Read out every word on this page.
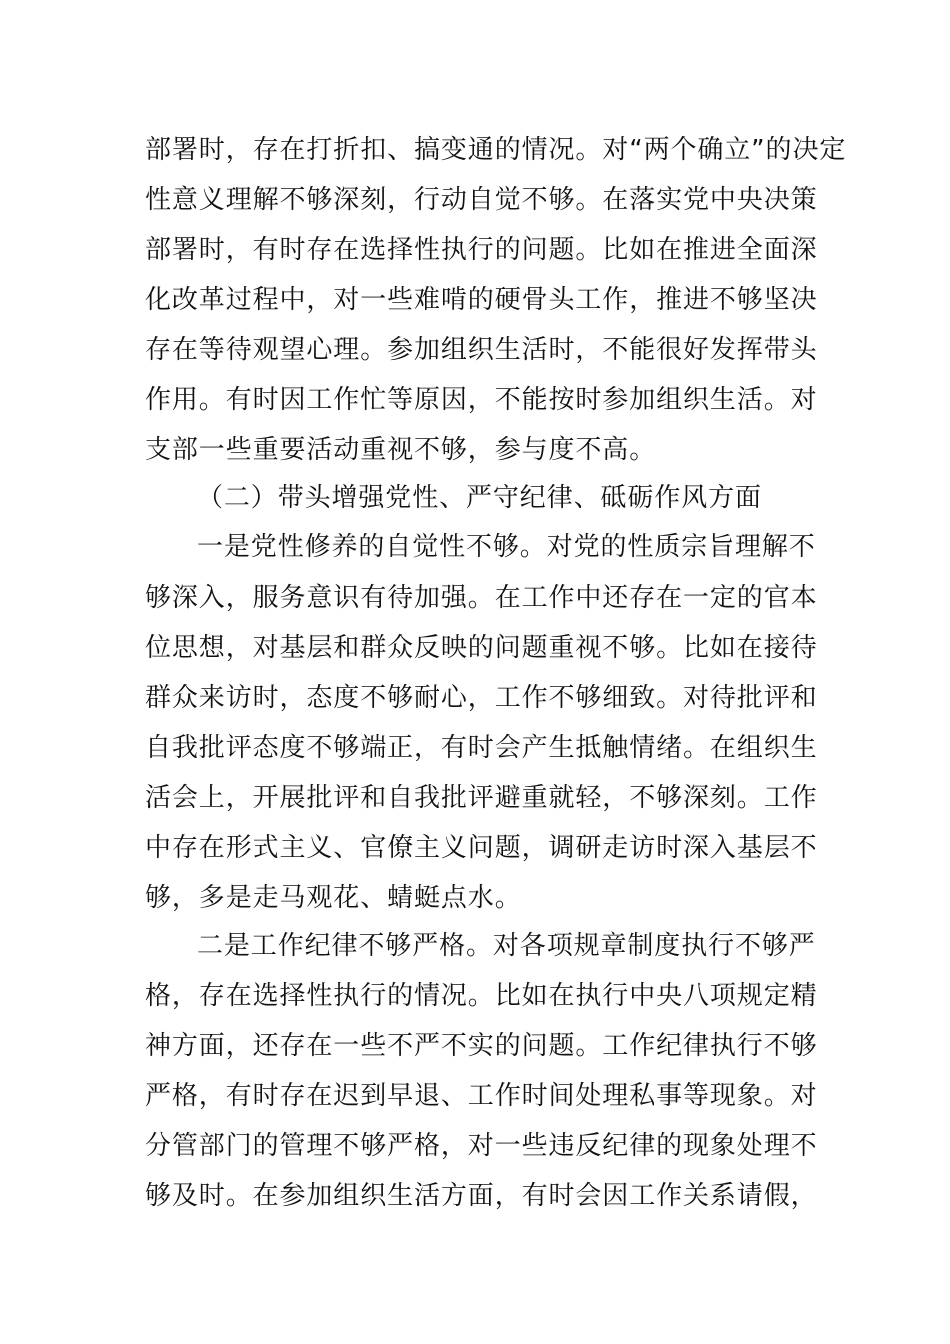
部署时，存在打折扣、搞变通的情况。对“两个确立”的决定
性意义理解不够深刻，行动自觉不够。在落实党中央决策
部署时，有时存在选择性执行的问题。比如在推进全面深
化改革过程中，对一些难啃的硬骨头工作，推进不够坚决
存在等待观望心理。参加组织生活时，不能很好发挥带头
作用。有时因工作忙等原因，不能按时参加组织生活。对
支部一些重要活动重视不够，参与度不高。
（二）带头增强党性、严守纪律、砥砺作风方面
一是党性修养的自觉性不够。对党的性质宗旨理解不
够深入，服务意识有待加强。在工作中还存在一定的官本
位思想，对基层和群众反映的问题重视不够。比如在接待
群众来访时，态度不够耐心，工作不够细致。对待批评和
自我批评态度不够端正，有时会产生抵触情绪。在组织生
活会上，开展批评和自我批评避重就轻，不够深刻。工作
中存在形式主义、官僚主义问题，调研走访时深入基层不
够，多是走马观花、蜻蜓点水。
二是工作纪律不够严格。对各项规章制度执行不够严
格，存在选择性执行的情况。比如在执行中央八项规定精
神方面，还存在一些不严不实的问题。工作纪律执行不够
严格，有时存在迟到早退、工作时间处理私事等现象。对
分管部门的管理不够严格，对一些违反纪律的现象处理不
够及时。在参加组织生活方面，有时会因工作关系请假，
